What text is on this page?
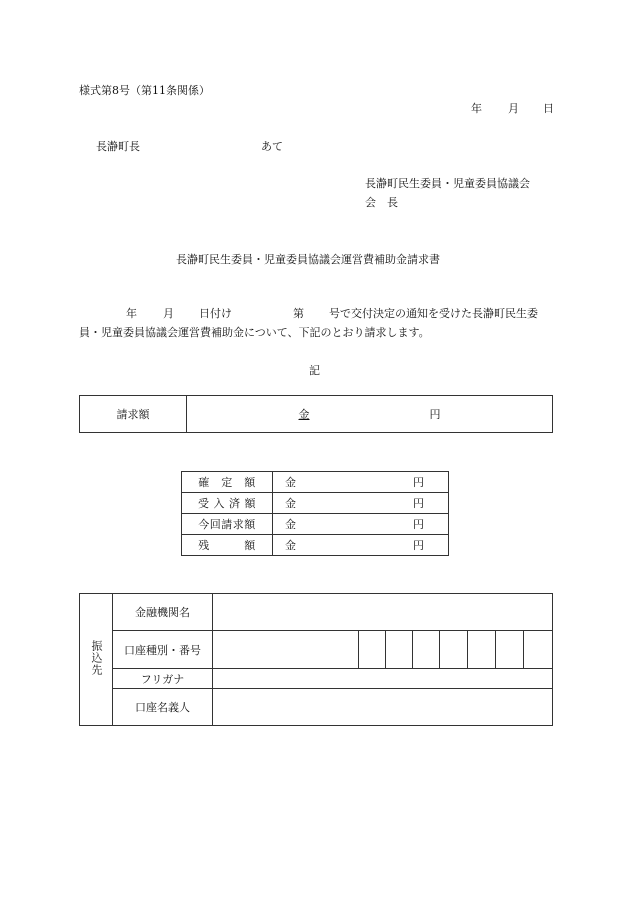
様式第8号（第11条関係）
年 月 日
長瀞町長	あて
長瀞町民生委員・児童委員協議会
会　長
長瀞町民生委員・児童委員協議会運営費補助金請求書
年 月 日付け	第 号で交付決定の通知を受けた長瀞町民生委
員・児童委員協議会運営費補助金について、下記のとおり請求します。
記
請求額	金	円
確　定　額	金 円

受 入 済 額	金 円

今回請求額	金 円

残　　　額	金 円
振込先	金融機関名								
	口座種別・番号								
	フリガナ								
	口座名義人								
